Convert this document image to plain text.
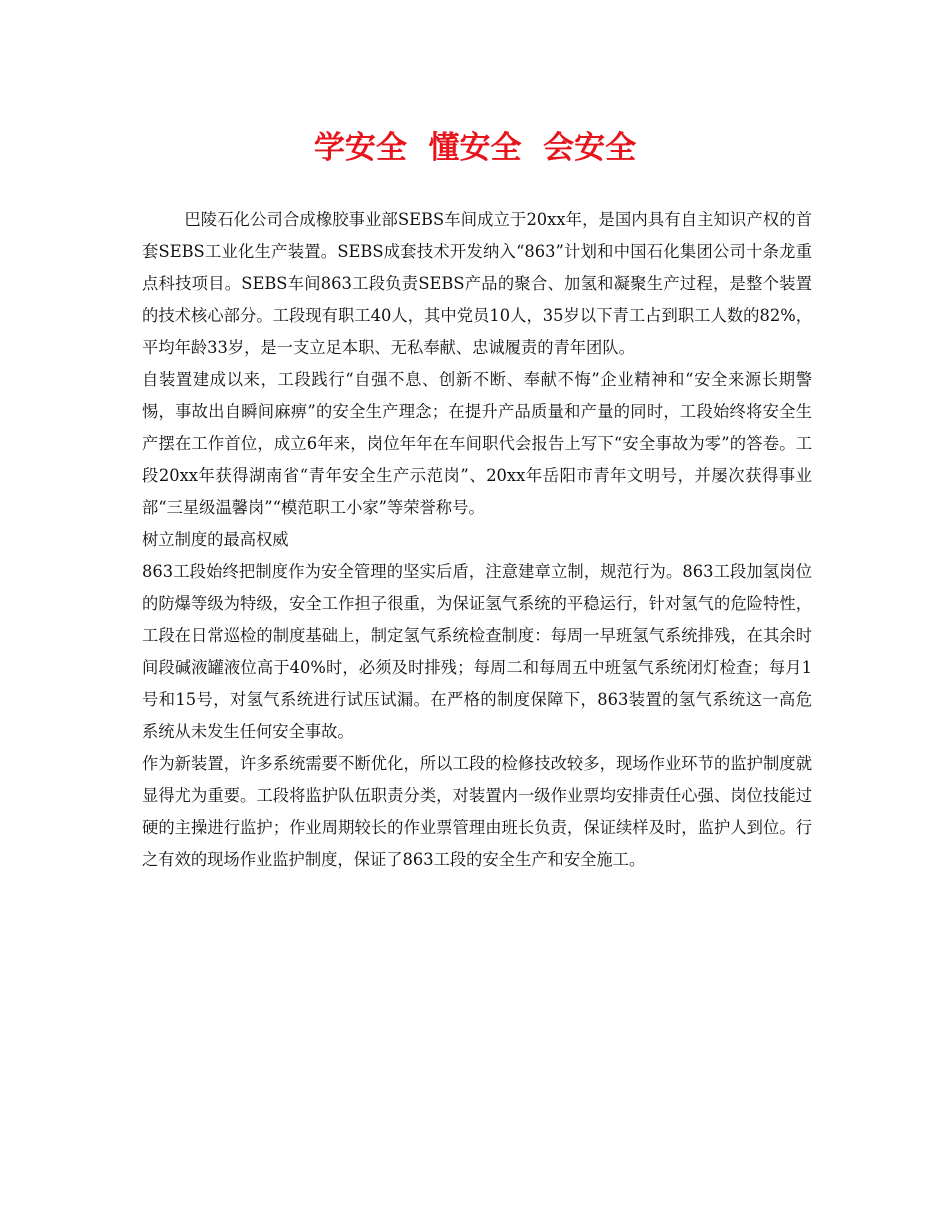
学安全  懂安全  会安全

巴陵石化公司合成橡胶事业部SEBS车间成立于20xx年，是国内具有自主知识产权的首套SEBS工业化生产装置。SEBS成套技术开发纳入“863”计划和中国石化集团公司十条龙重点科技项目。SEBS车间863工段负责SEBS产品的聚合、加氢和凝聚生产过程，是整个装置的技术核心部分。工段现有职工40人，其中党员10人，35岁以下青工占到职工人数的82%，平均年龄33岁，是一支立足本职、无私奉献、忠诚履责的青年团队。

自装置建成以来，工段践行“自强不息、创新不断、奉献不悔”企业精神和“安全来源长期警惕，事故出自瞬间麻痹”的安全生产理念；在提升产品质量和产量的同时，工段始终将安全生产摆在工作首位，成立6年来，岗位年年在车间职代会报告上写下“安全事故为零”的答卷。工段20xx年获得湖南省“青年安全生产示范岗”、20xx年岳阳市青年文明号，并屡次获得事业部“三星级温馨岗”“模范职工小家”等荣誉称号。

树立制度的最高权威

863工段始终把制度作为安全管理的坚实后盾，注意建章立制，规范行为。863工段加氢岗位的防爆等级为特级，安全工作担子很重，为保证氢气系统的平稳运行，针对氢气的危险特性，工段在日常巡检的制度基础上，制定氢气系统检查制度：每周一早班氢气系统排残，在其余时间段碱液罐液位高于40%时，必须及时排残；每周二和每周五中班氢气系统闭灯检查；每月1号和15号，对氢气系统进行试压试漏。在严格的制度保障下，863装置的氢气系统这一高危系统从未发生任何安全事故。

作为新装置，许多系统需要不断优化，所以工段的检修技改较多，现场作业环节的监护制度就显得尤为重要。工段将监护队伍职责分类，对装置内一级作业票均安排责任心强、岗位技能过硬的主操进行监护；作业周期较长的作业票管理由班长负责，保证续样及时，监护人到位。行之有效的现场作业监护制度，保证了863工段的安全生产和安全施工。
